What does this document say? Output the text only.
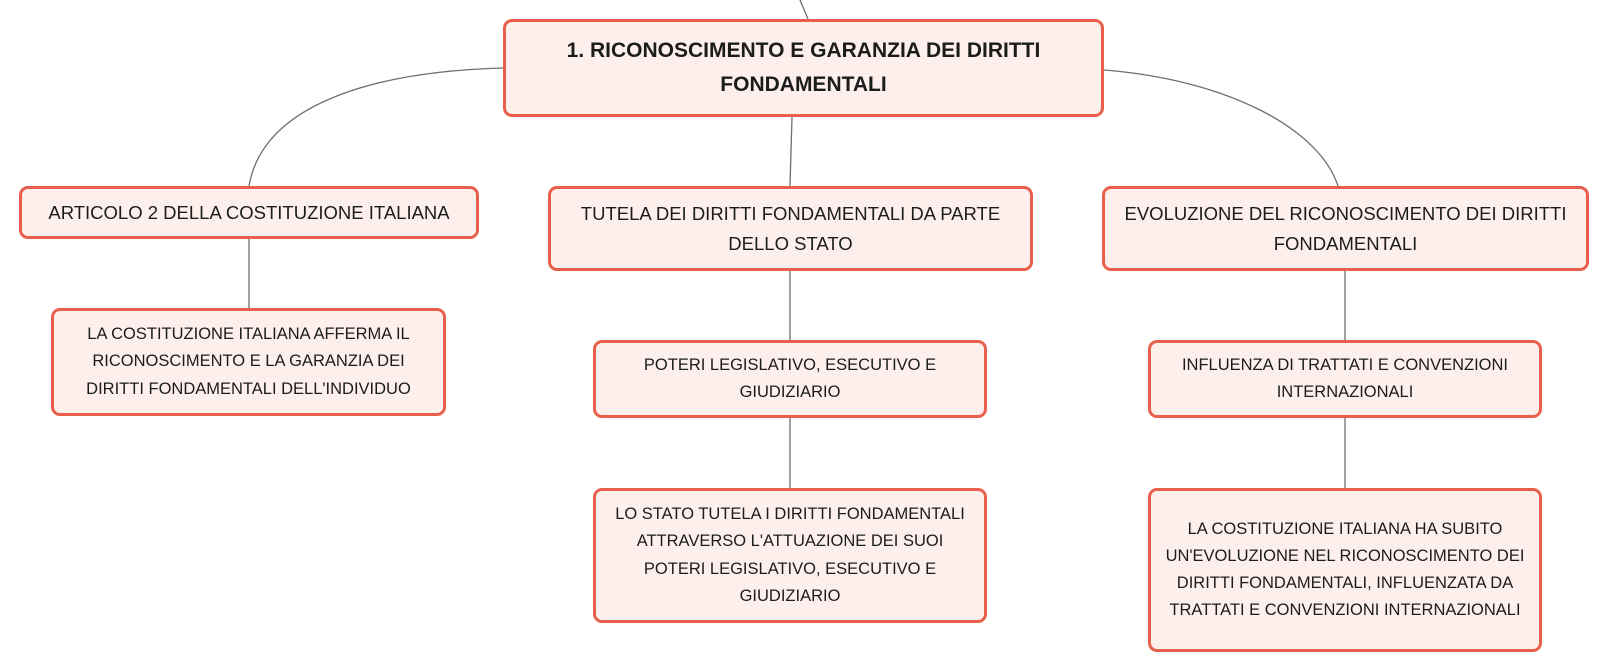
1. RICONOSCIMENTO E GARANZIA DEI DIRITTI FONDAMENTALI
ARTICOLO 2 DELLA COSTITUZIONE ITALIANA	TUTELA DEI DIRITTI FONDAMENTALI DA PARTE DELLO STATO
EVOLUZIONE DEL RICONOSCIMENTO DEI DIRITTI FONDAMENTALI
LA COSTITUZIONE ITALIANA AFFERMA IL RICONOSCIMENTO E LA GARANZIA DEI DIRITTI FONDAMENTALI DELL'INDIVIDUO
POTERI LEGISLATIVO, ESECUTIVO E GIUDIZIARIO
LO STATO TUTELA I DIRITTI FONDAMENTALI ATTRAVERSO L'ATTUAZIONE DEI SUOI POTERI LEGISLATIVO, ESECUTIVO E GIUDIZIARIO
INFLUENZA DI TRATTATI E CONVENZIONI INTERNAZIONALI
LA COSTITUZIONE ITALIANA HA SUBITO UN'EVOLUZIONE NEL RICONOSCIMENTO DEI DIRITTI FONDAMENTALI, INFLUENZATA DA TRATTATI E CONVENZIONI INTERNAZIONALI
